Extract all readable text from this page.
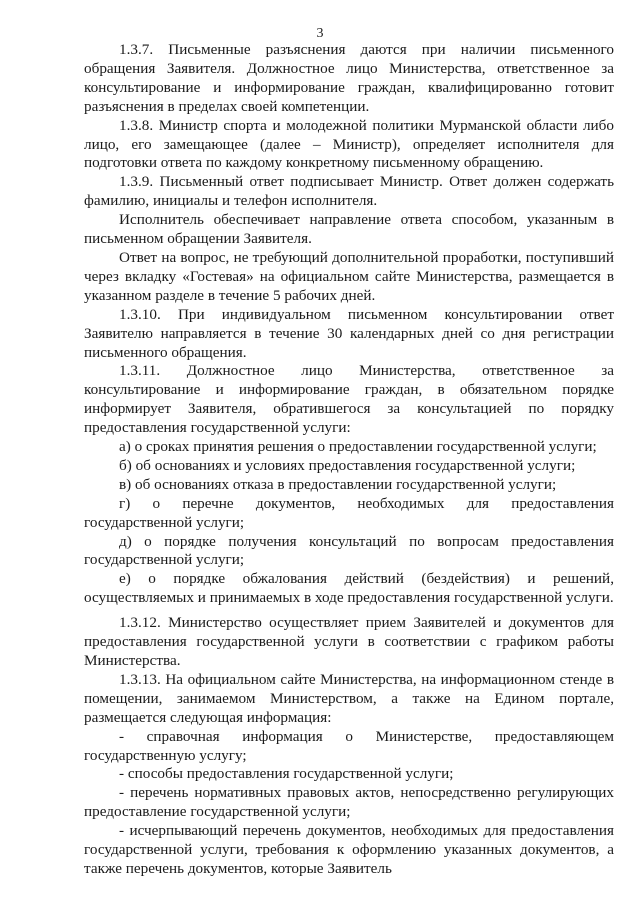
3

1.3.7. Письменные разъяснения даются при наличии письменного обращения Заявителя. Должностное лицо Министерства, ответственное за консультирование и информирование граждан, квалифицированно готовит разъяснения в пределах своей компетенции.

1.3.8. Министр спорта и молодежной политики Мурманской области либо лицо, его замещающее (далее – Министр), определяет исполнителя для подготовки ответа по каждому конкретному письменному обращению.

1.3.9. Письменный ответ подписывает Министр. Ответ должен содержать фамилию, инициалы и телефон исполнителя.

Исполнитель обеспечивает направление ответа способом, указанным в письменном обращении Заявителя.

Ответ на вопрос, не требующий дополнительной проработки, поступивший через вкладку «Гостевая» на официальном сайте Министерства, размещается в указанном разделе в течение 5 рабочих дней.

1.3.10. При индивидуальном письменном консультировании ответ Заявителю направляется в течение 30 календарных дней со дня регистрации письменного обращения.

1.3.11. Должностное лицо Министерства, ответственное за консультирование и информирование граждан, в обязательном порядке информирует Заявителя, обратившегося за консультацией по порядку предоставления государственной услуги:

а) о сроках принятия решения о предоставлении государственной услуги;

б) об основаниях и условиях предоставления государственной услуги;

в) об основаниях отказа в предоставлении государственной услуги;

г) о перечне документов, необходимых для предоставления государственной услуги;

д) о порядке получения консультаций по вопросам предоставления государственной услуги;

е) о порядке обжалования действий (бездействия) и решений, осуществляемых и принимаемых в ходе предоставления государственной услуги.

1.3.12. Министерство осуществляет прием Заявителей и документов для предоставления государственной услуги в соответствии с графиком работы Министерства.

1.3.13. На официальном сайте Министерства, на информационном стенде в помещении, занимаемом Министерством, а также на Едином портале, размещается следующая информация:

- справочная информация о Министерстве, предоставляющем государственную услугу;

- способы предоставления государственной услуги;

- перечень нормативных правовых актов, непосредственно регулирующих предоставление государственной услуги;

- исчерпывающий перечень документов, необходимых для предоставления государственной услуги, требования к оформлению указанных документов, а также перечень документов, которые Заявитель
